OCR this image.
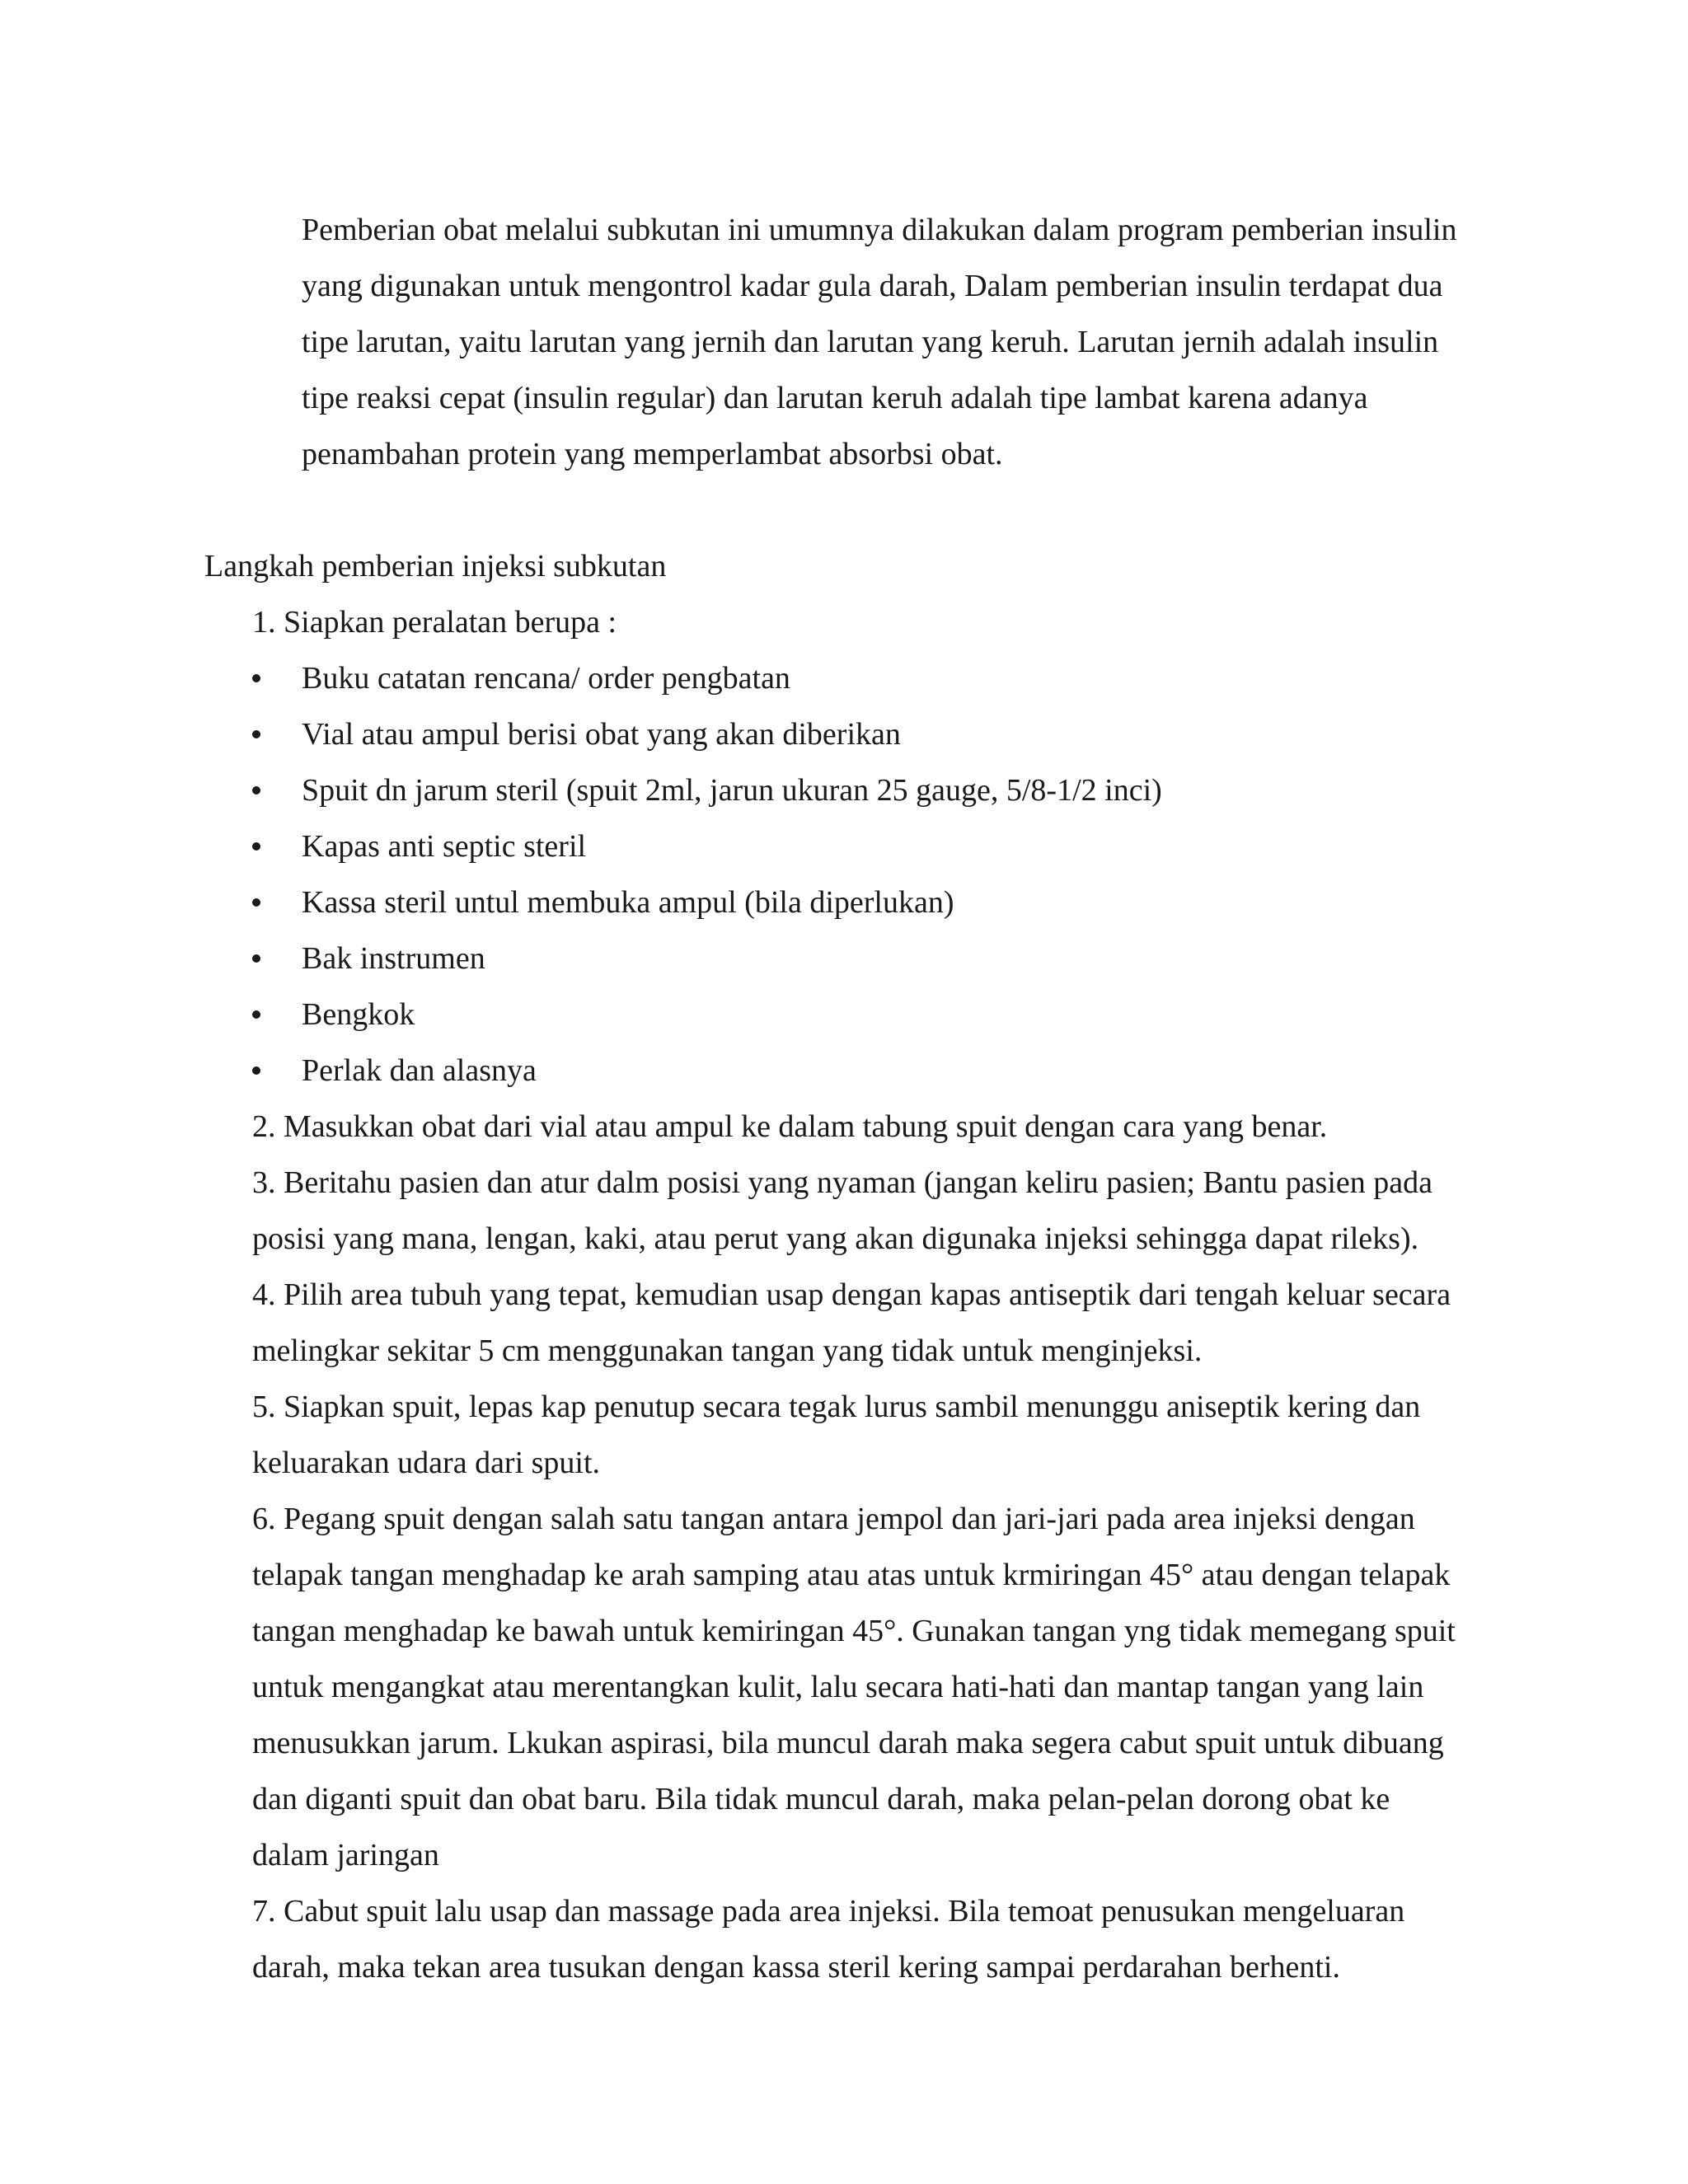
Pemberian obat melalui subkutan ini umumnya dilakukan dalam program pemberian insulin
yang digunakan untuk mengontrol kadar gula darah, Dalam pemberian insulin terdapat dua
tipe larutan, yaitu larutan yang jernih dan larutan yang keruh. Larutan jernih adalah insulin
tipe reaksi cepat (insulin regular) dan larutan keruh adalah tipe lambat karena adanya
penambahan protein yang memperlambat absorbsi obat.
Langkah pemberian injeksi subkutan
1. Siapkan peralatan berupa :
Buku catatan rencana/ order pengbatan
Vial atau ampul berisi obat yang akan diberikan
Spuit dn jarum steril (spuit 2ml, jarun ukuran 25 gauge, 5/8-1/2 inci)
Kapas anti septic steril
Kassa steril untul membuka ampul (bila diperlukan)
Bak instrumen
Bengkok
Perlak dan alasnya
2. Masukkan obat dari vial atau ampul ke dalam tabung spuit dengan cara yang benar.
3. Beritahu pasien dan atur dalm posisi yang nyaman (jangan keliru pasien; Bantu pasien pada
posisi yang mana, lengan, kaki, atau perut yang akan digunaka injeksi sehingga dapat rileks).
4. Pilih area tubuh yang tepat, kemudian usap dengan kapas antiseptik dari tengah keluar secara
melingkar sekitar 5 cm menggunakan tangan yang tidak untuk menginjeksi.
5. Siapkan spuit, lepas kap penutup secara tegak lurus sambil menunggu aniseptik kering dan
keluarakan udara dari spuit.
6. Pegang spuit dengan salah satu tangan antara jempol dan jari-jari pada area injeksi dengan
telapak tangan menghadap ke arah samping atau atas untuk krmiringan 45° atau dengan telapak
tangan menghadap ke bawah untuk kemiringan 45°. Gunakan tangan yng tidak memegang spuit
untuk mengangkat atau merentangkan kulit, lalu secara hati-hati dan mantap tangan yang lain
menusukkan jarum. Lkukan aspirasi, bila muncul darah maka segera cabut spuit untuk dibuang
dan diganti spuit dan obat baru. Bila tidak muncul darah, maka pelan-pelan dorong obat ke
dalam jaringan
7. Cabut spuit lalu usap dan massage pada area injeksi. Bila temoat penusukan mengeluaran
darah, maka tekan area tusukan dengan kassa steril kering sampai perdarahan berhenti.
